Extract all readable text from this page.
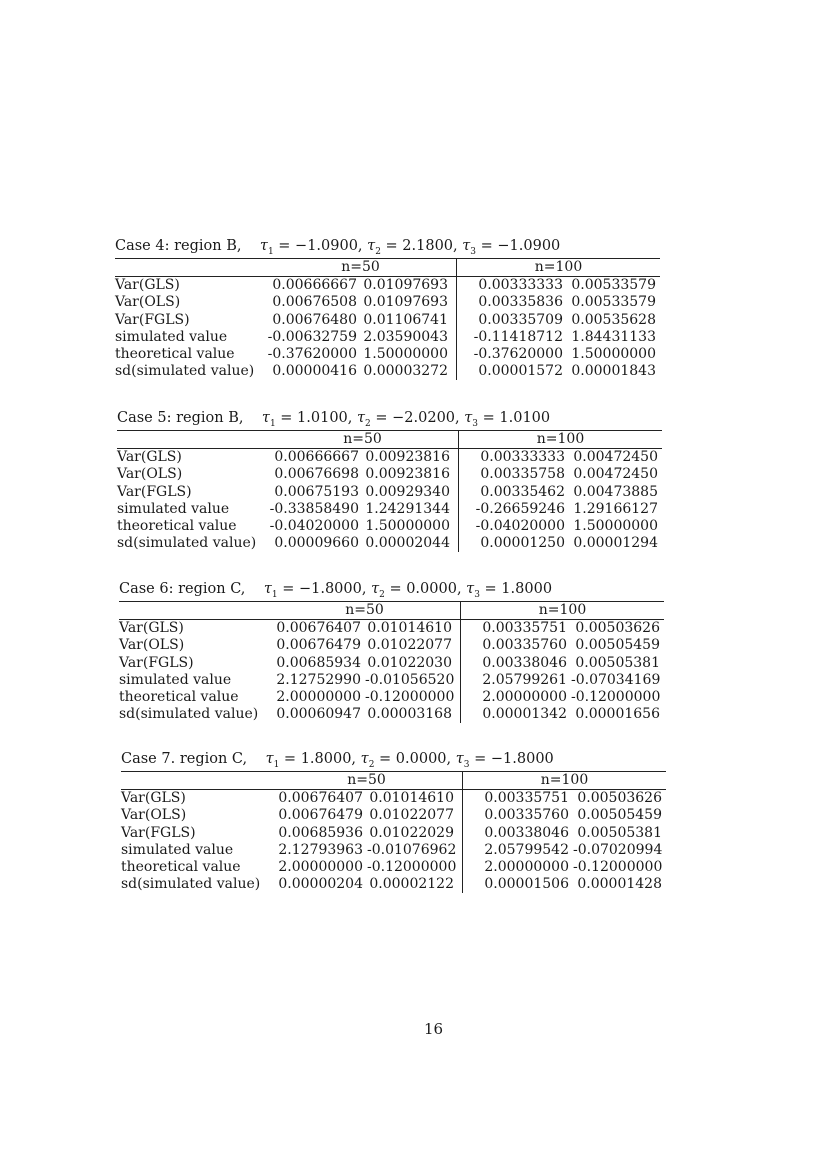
Case 4: region B, $\tau_1 = -1.0900$, $\tau_2 = 2.1800$, $\tau_3 = -1.0900$
n=50	n=100
Var(GLS)	0.00666667 0.01097693	0.00333333 0.00533579
Var(OLS)	0.00676508 0.01097693	0.00335836 0.00533579
Var(FGLS)	0.00676480 0.01106741	0.00335709 0.00535628
simulated value	-0.00632759 2.03590043	-0.11418712 1.84431133
theoretical value	-0.37620000 1.50000000	-0.37620000 1.50000000
sd(simulated value)	0.00000416 0.00003272	0.00001572 0.00001843
Case 5: region B, $\tau_1 = 1.0100$, $\tau_2 = -2.0200$, $\tau_3 = 1.0100$
n=50	n=100
Var(GLS)	0.00666667 0.00923816	0.00333333 0.00472450
Var(OLS)	0.00676698 0.00923816	0.00335758 0.00472450
Var(FGLS)	0.00675193 0.00929340	0.00335462 0.00473885
simulated value	-0.33858490 1.24291344	-0.26659246 1.29166127
theoretical value	-0.04020000 1.50000000	-0.04020000 1.50000000
sd(simulated value)	0.00009660 0.00002044	0.00001250 0.00001294
Case 6: region C, $\tau_1 = -1.8000$, $\tau_2 = 0.0000$, $\tau_3 = 1.8000$
n=50	n=100
Var(GLS)	0.00676407 0.01014610	0.00335751 0.00503626
Var(OLS)	0.00676479 0.01022077	0.00335760 0.00505459
Var(FGLS)	0.00685934 0.01022030	0.00338046 0.00505381
simulated value	2.12752990 -0.01056520	2.05799261 -0.07034169
theoretical value	2.00000000 -0.12000000	2.00000000 -0.12000000
sd(simulated value)	0.00060947 0.00003168	0.00001342 0.00001656
Case 7. region C, $\tau_1 = 1.8000$, $\tau_2 = 0.0000$, $\tau_3 = -1.8000$
n=50	n=100
Var(GLS)	0.00676407 0.01014610	0.00335751 0.00503626
Var(OLS)	0.00676479 0.01022077	0.00335760 0.00505459
Var(FGLS)	0.00685936 0.01022029	0.00338046 0.00505381
simulated value	2.12793963 -0.01076962	2.05799542 -0.07020994
theoretical value	2.00000000 -0.12000000	2.00000000 -0.12000000
sd(simulated value)	0.00000204 0.00002122	0.00001506 0.00001428
16
